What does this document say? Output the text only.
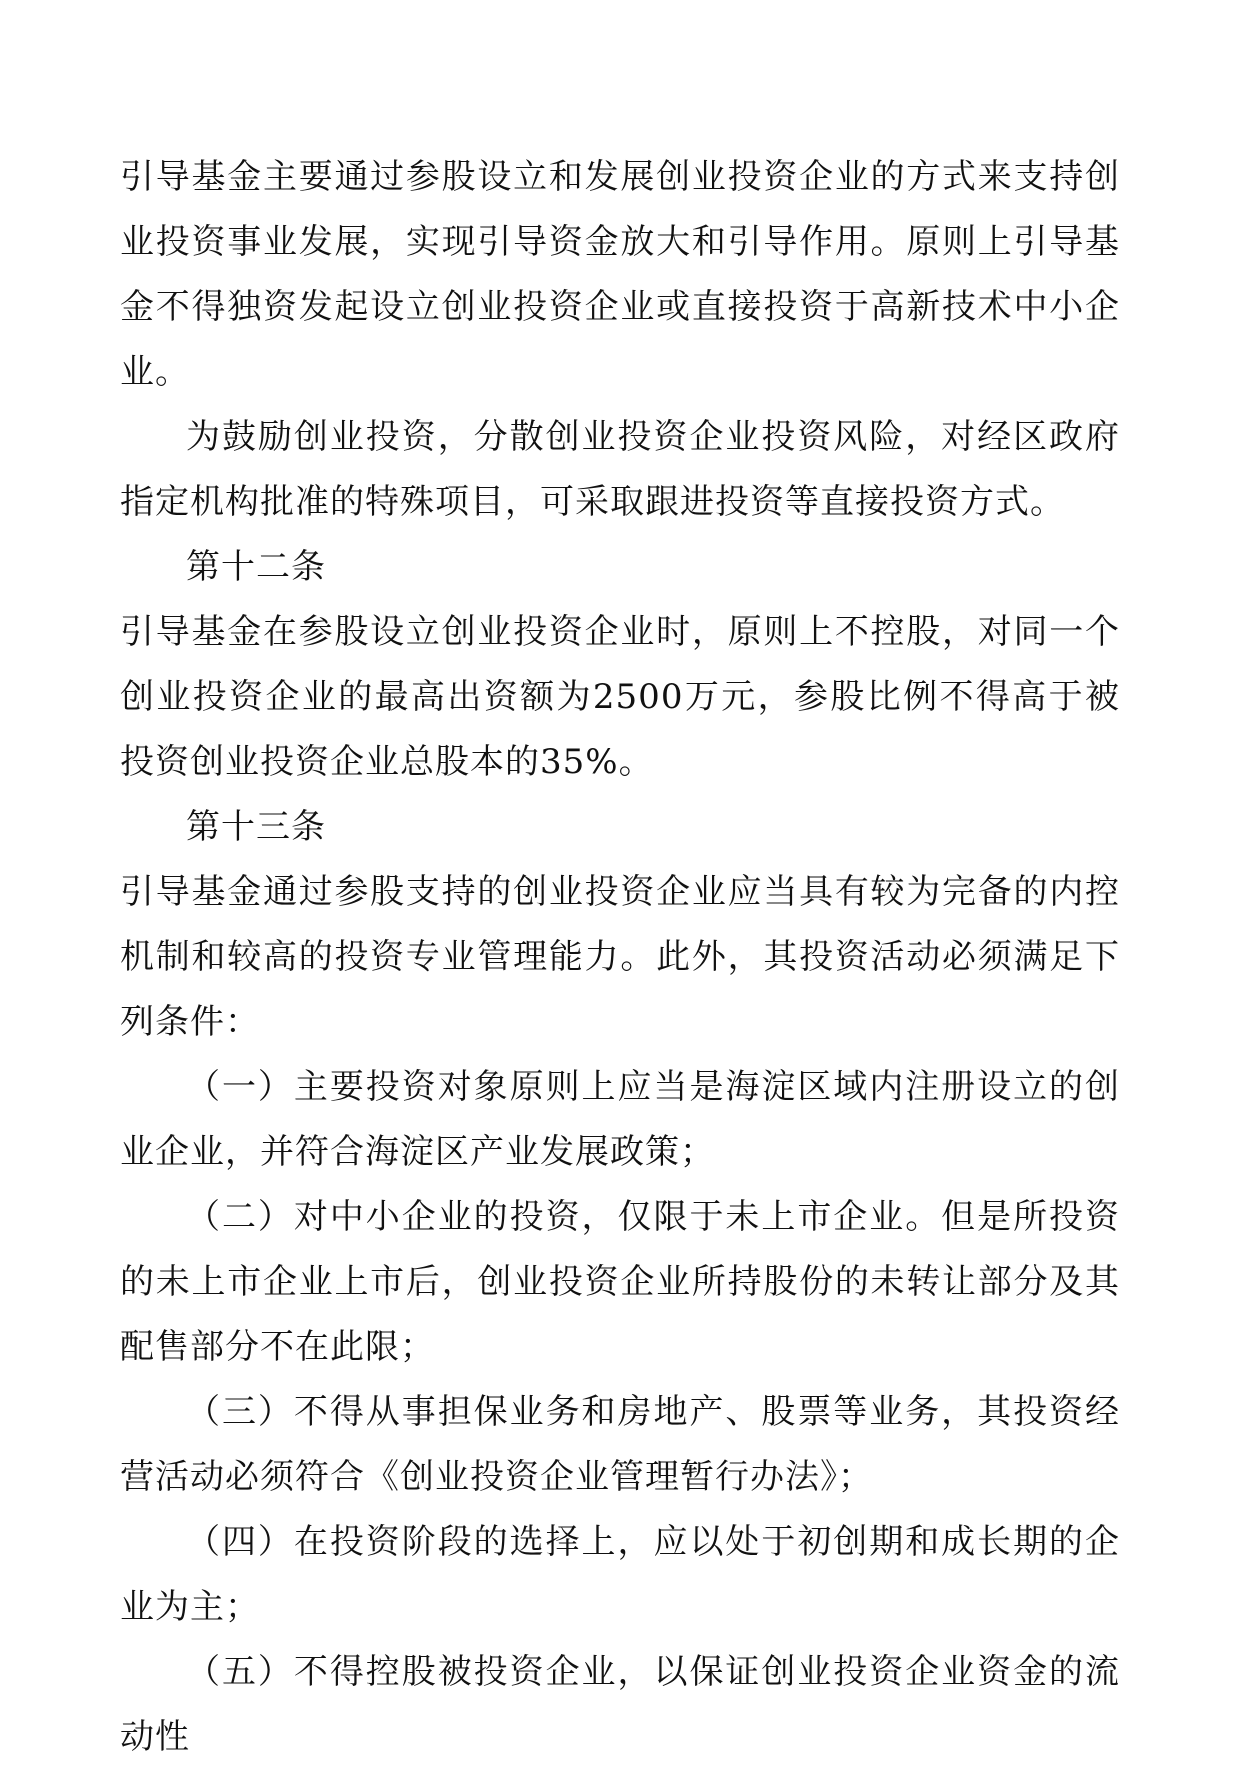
引导基金主要通过参股设立和发展创业投资企业的方式来支持创业投资事业发展，实现引导资金放大和引导作用。原则上引导基金不得独资发起设立创业投资企业或直接投资于高新技术中小企业。

为鼓励创业投资，分散创业投资企业投资风险，对经区政府指定机构批准的特殊项目，可采取跟进投资等直接投资方式。

第十二条

引导基金在参股设立创业投资企业时，原则上不控股，对同一个创业投资企业的最高出资额为2500万元，参股比例不得高于被投资创业投资企业总股本的35%。

第十三条

引导基金通过参股支持的创业投资企业应当具有较为完备的内控机制和较高的投资专业管理能力。此外，其投资活动必须满足下列条件：

（一）主要投资对象原则上应当是海淀区域内注册设立的创业企业，并符合海淀区产业发展政策；

（二）对中小企业的投资，仅限于未上市企业。但是所投资的未上市企业上市后，创业投资企业所持股份的未转让部分及其配售部分不在此限；

（三）不得从事担保业务和房地产、股票等业务，其投资经营活动必须符合《创业投资企业管理暂行办法》；

（四）在投资阶段的选择上，应以处于初创期和成长期的企业为主；

（五）不得控股被投资企业，以保证创业投资企业资金的流动性
